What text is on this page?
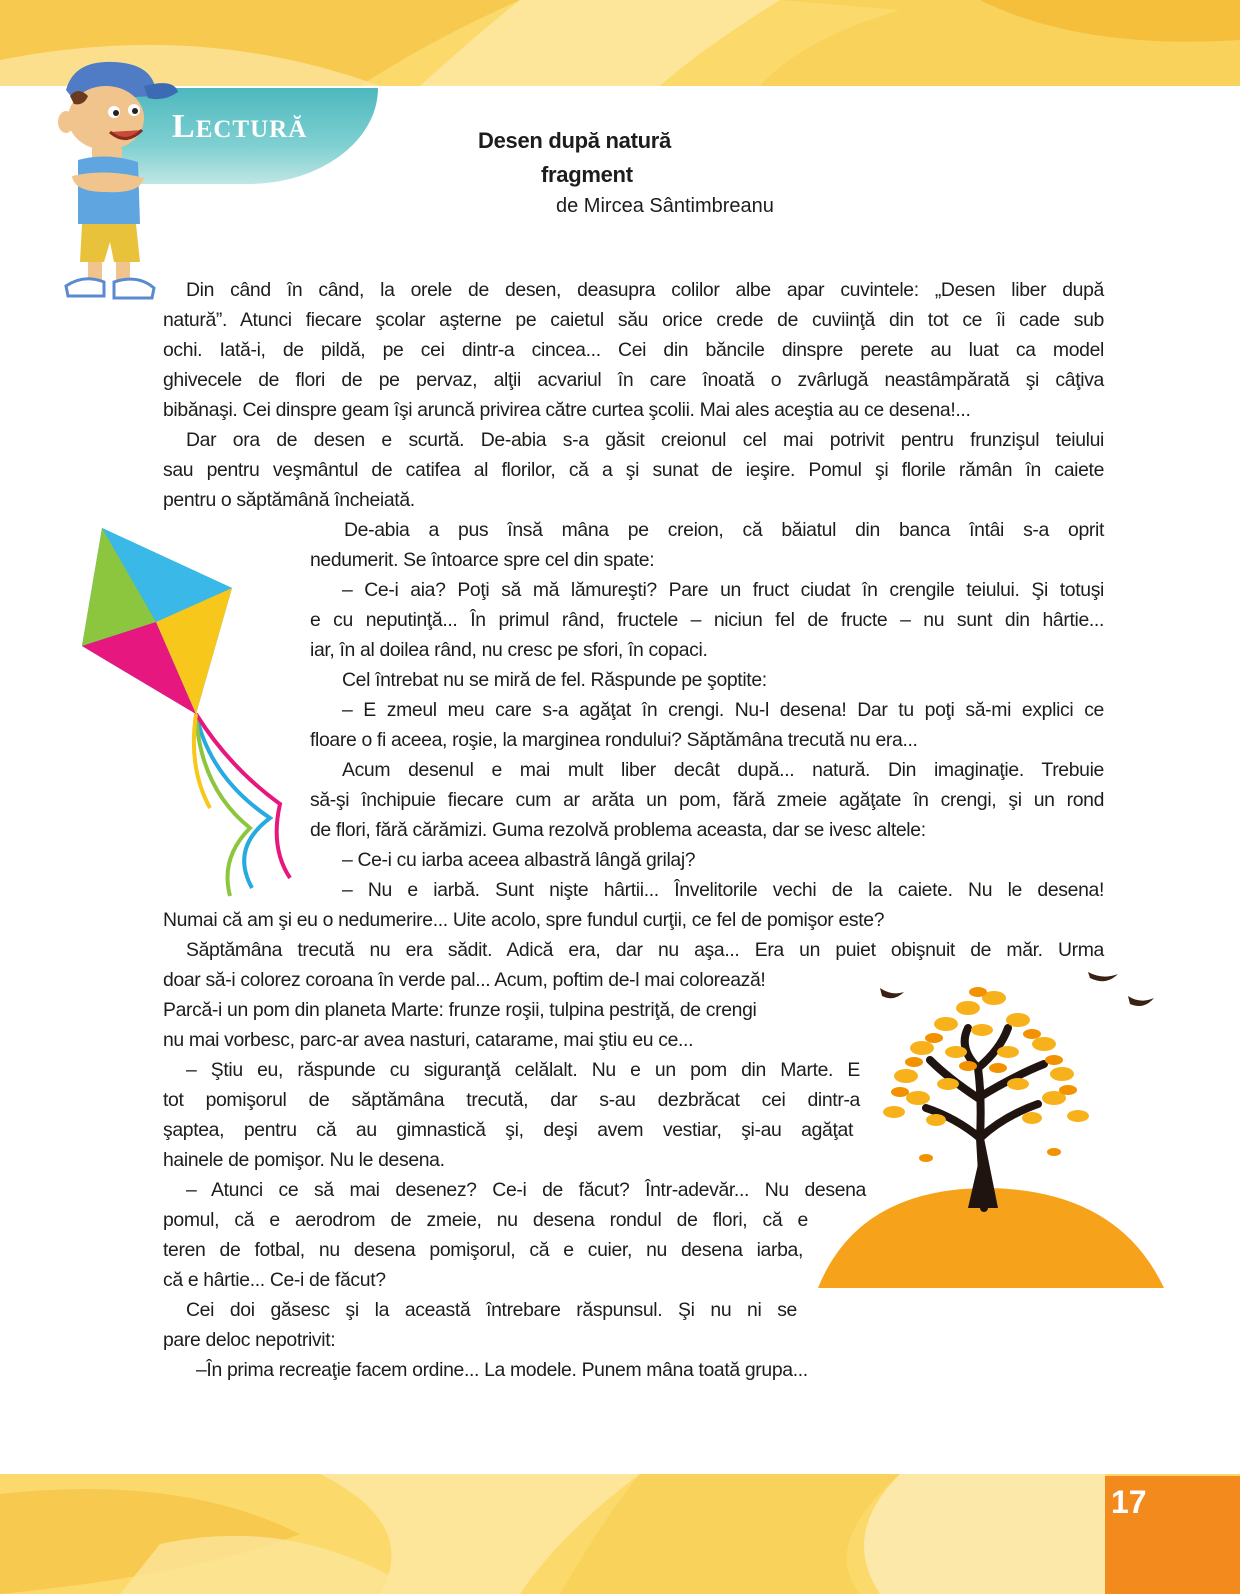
LECTURĂ	Desen după natură
fragment
de Mircea Sântimbreanu
Din când în când, la orele de desen, deasupra colilor albe apar cuvintele: „Desen liber după
natură”. Atunci fiecare şcolar aşterne pe caietul său orice crede de cuviinţă din tot ce îi cade sub
ochi. Iată-i, de pildă, pe cei dintr-a cincea... Cei din băncile dinspre perete au luat ca model
ghivecele de flori de pe pervaz, alţii acvariul în care înoată o zvârlugă neastâmpărată şi câţiva
bibănaşi. Cei dinspre geam îşi aruncă privirea către curtea şcolii. Mai ales aceştia au ce desena!...
Dar ora de desen e scurtă. De-abia s-a găsit creionul cel mai potrivit pentru frunzişul teiului
sau pentru veşmântul de catifea al florilor, că a şi sunat de ieşire. Pomul şi florile rămân în caiete
pentru o săptămână încheiată.
De-abia a pus însă mâna pe creion, că băiatul din banca întâi s-a oprit
nedumerit. Se întoarce spre cel din spate:
– Ce-i aia? Poţi să mă lămureşti? Pare un fruct ciudat în crengile teiului. Şi totuşi
e cu neputinţă... În primul rând, fructele – niciun fel de fructe – nu sunt din hârtie...
iar, în al doilea rând, nu cresc pe sfori, în copaci.
Cel întrebat nu se miră de fel. Răspunde pe şoptite:
– E zmeul meu care s-a agăţat în crengi. Nu-l desena! Dar tu poţi să-mi explici ce
floare o fi aceea, roşie, la marginea rondului? Săptămâna trecută nu era...
Acum desenul e mai mult liber decât după... natură. Din imaginaţie. Trebuie
să-şi închipuie fiecare cum ar arăta un pom, fără zmeie agăţate în crengi, şi un rond
de flori, fără cărămizi. Guma rezolvă problema aceasta, dar se ivesc altele:
– Ce-i cu iarba aceea albastră lângă grilaj?
– Nu e iarbă. Sunt nişte hârtii... Învelitorile vechi de la caiete. Nu le desena!
Numai că am şi eu o nedumerire... Uite acolo, spre fundul curţii, ce fel de pomişor este?
Săptămâna trecută nu era sădit. Adică era, dar nu aşa... Era un puiet obişnuit de măr. Urma
doar să-i colorez coroana în verde pal... Acum, poftim de-l mai colorează!
Parcă-i un pom din planeta Marte: frunze roşii, tulpina pestriţă, de crengi
nu mai vorbesc, parc-ar avea nasturi, catarame, mai ştiu eu ce...
– Ştiu eu, răspunde cu siguranţă celălalt. Nu e un pom din Marte. E
tot pomişorul de săptămâna trecută, dar s-au dezbrăcat cei dintr-a
şaptea, pentru că au gimnastică şi, deşi avem vestiar, şi-au agăţat
hainele de pomişor. Nu le desena.
– Atunci ce să mai desenez? Ce-i de făcut? Într-adevăr... Nu desena
pomul, că e aerodrom de zmeie, nu desena rondul de flori, că e
teren de fotbal, nu desena pomişorul, că e cuier, nu desena iarba,
că e hârtie... Ce-i de făcut?
Cei doi găsesc şi la această întrebare răspunsul. Şi nu ni se
pare deloc nepotrivit:
–În prima recreaţie facem ordine... La modele. Punem mâna toată grupa...
17
